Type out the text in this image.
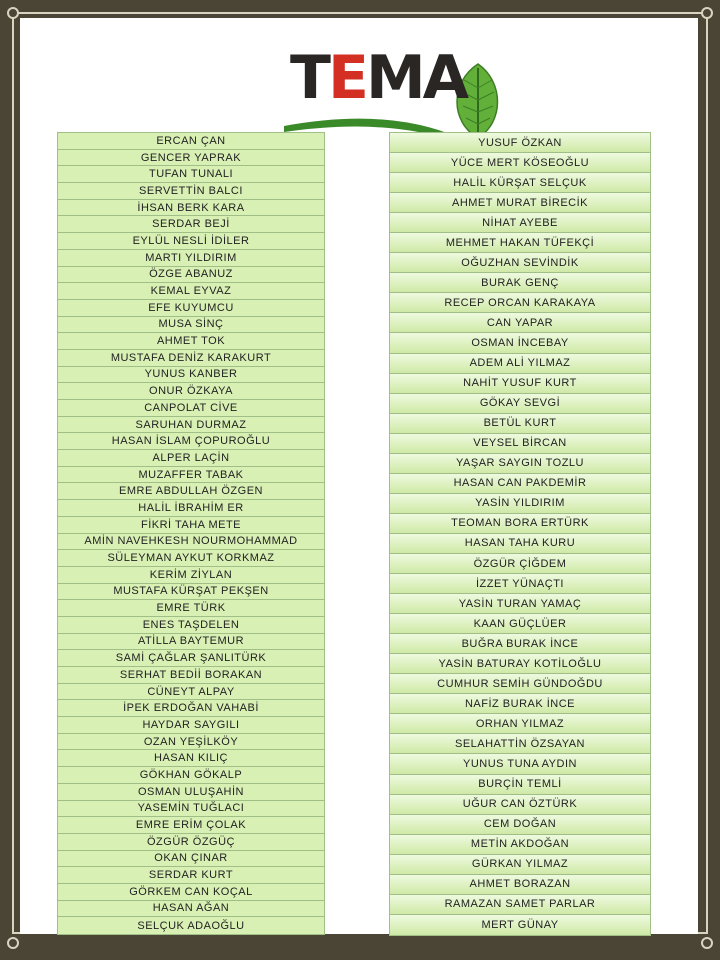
TEMA
ERCAN ÇAN
GENCER YAPRAK
TUFAN TUNALI
SERVETTİN BALCI
İHSAN BERK KARA
SERDAR BEJİ
EYLÜL NESLİ İDİLER
MARTI YILDIRIM
ÖZGE ABANUZ
KEMAL EYVAZ
EFE KUYUMCU
MUSA SİNÇ
AHMET TOK
MUSTAFA DENİZ KARAKURT
YUNUS KANBER
ONUR ÖZKAYA
CANPOLAT CİVE
SARUHAN DURMAZ
HASAN İSLAM ÇOPUROĞLU
ALPER LAÇİN
MUZAFFER TABAK
EMRE ABDULLAH ÖZGEN
HALİL İBRAHİM ER
FİKRİ TAHA METE
AMİN NAVEHKESH NOURMOHAMMAD
SÜLEYMAN AYKUT KORKMAZ
KERİM ZİYLAN
MUSTAFA KÜRŞAT PEKŞEN
EMRE TÜRK
ENES TAŞDELEN
ATİLLA BAYTEMUR
SAMİ ÇAĞLAR ŞANLITÜRK
SERHAT BEDİİ BORAKAN
CÜNEYT ALPAY
İPEK ERDOĞAN VAHABİ
HAYDAR SAYGILI
OZAN YEŞİLKÖY
HASAN KILIÇ
GÖKHAN GÖKALP
OSMAN ULUŞAHİN
YASEMİN TUĞLACI
EMRE ERİM ÇOLAK
ÖZGÜR ÖZGÜÇ
OKAN ÇINAR
SERDAR KURT
GÖRKEM CAN KOÇAL
HASAN AĞAN
SELÇUK ADAOĞLU
YUSUF ÖZKAN
YÜCE MERT KÖSEOĞLU
HALİL KÜRŞAT SELÇUK
AHMET MURAT BİRECİK
NİHAT AYEBE
MEHMET HAKAN TÜFEKÇİ
OĞUZHAN SEVİNDİK
BURAK GENÇ
RECEP ORCAN KARAKAYA
CAN YAPAR
OSMAN İNCEBAY
ADEM ALİ YILMAZ
NAHİT YUSUF KURT
GÖKAY SEVGİ
BETÜL KURT
VEYSEL BİRCAN
YAŞAR SAYGIN TOZLU
HASAN CAN PAKDEMİR
YASİN YILDIRIM
TEOMAN BORA ERTÜRK
HASAN TAHA KURU
ÖZGÜR ÇİĞDEM
İZZET YÜNAÇTI
YASİN TURAN YAMAÇ
KAAN GÜÇLÜER
BUĞRA BURAK İNCE
YASİN BATURAY KOTİLOĞLU
CUMHUR SEMİH GÜNDOĞDU
NAFİZ BURAK İNCE
ORHAN YILMAZ
SELAHATTİN ÖZSAYAN
YUNUS TUNA AYDIN
BURÇİN TEMLİ
UĞUR CAN ÖZTÜRK
CEM DOĞAN
METİN AKDOĞAN
GÜRKAN YILMAZ
AHMET BORAZAN
RAMAZAN SAMET PARLAR
MERT GÜNAY
